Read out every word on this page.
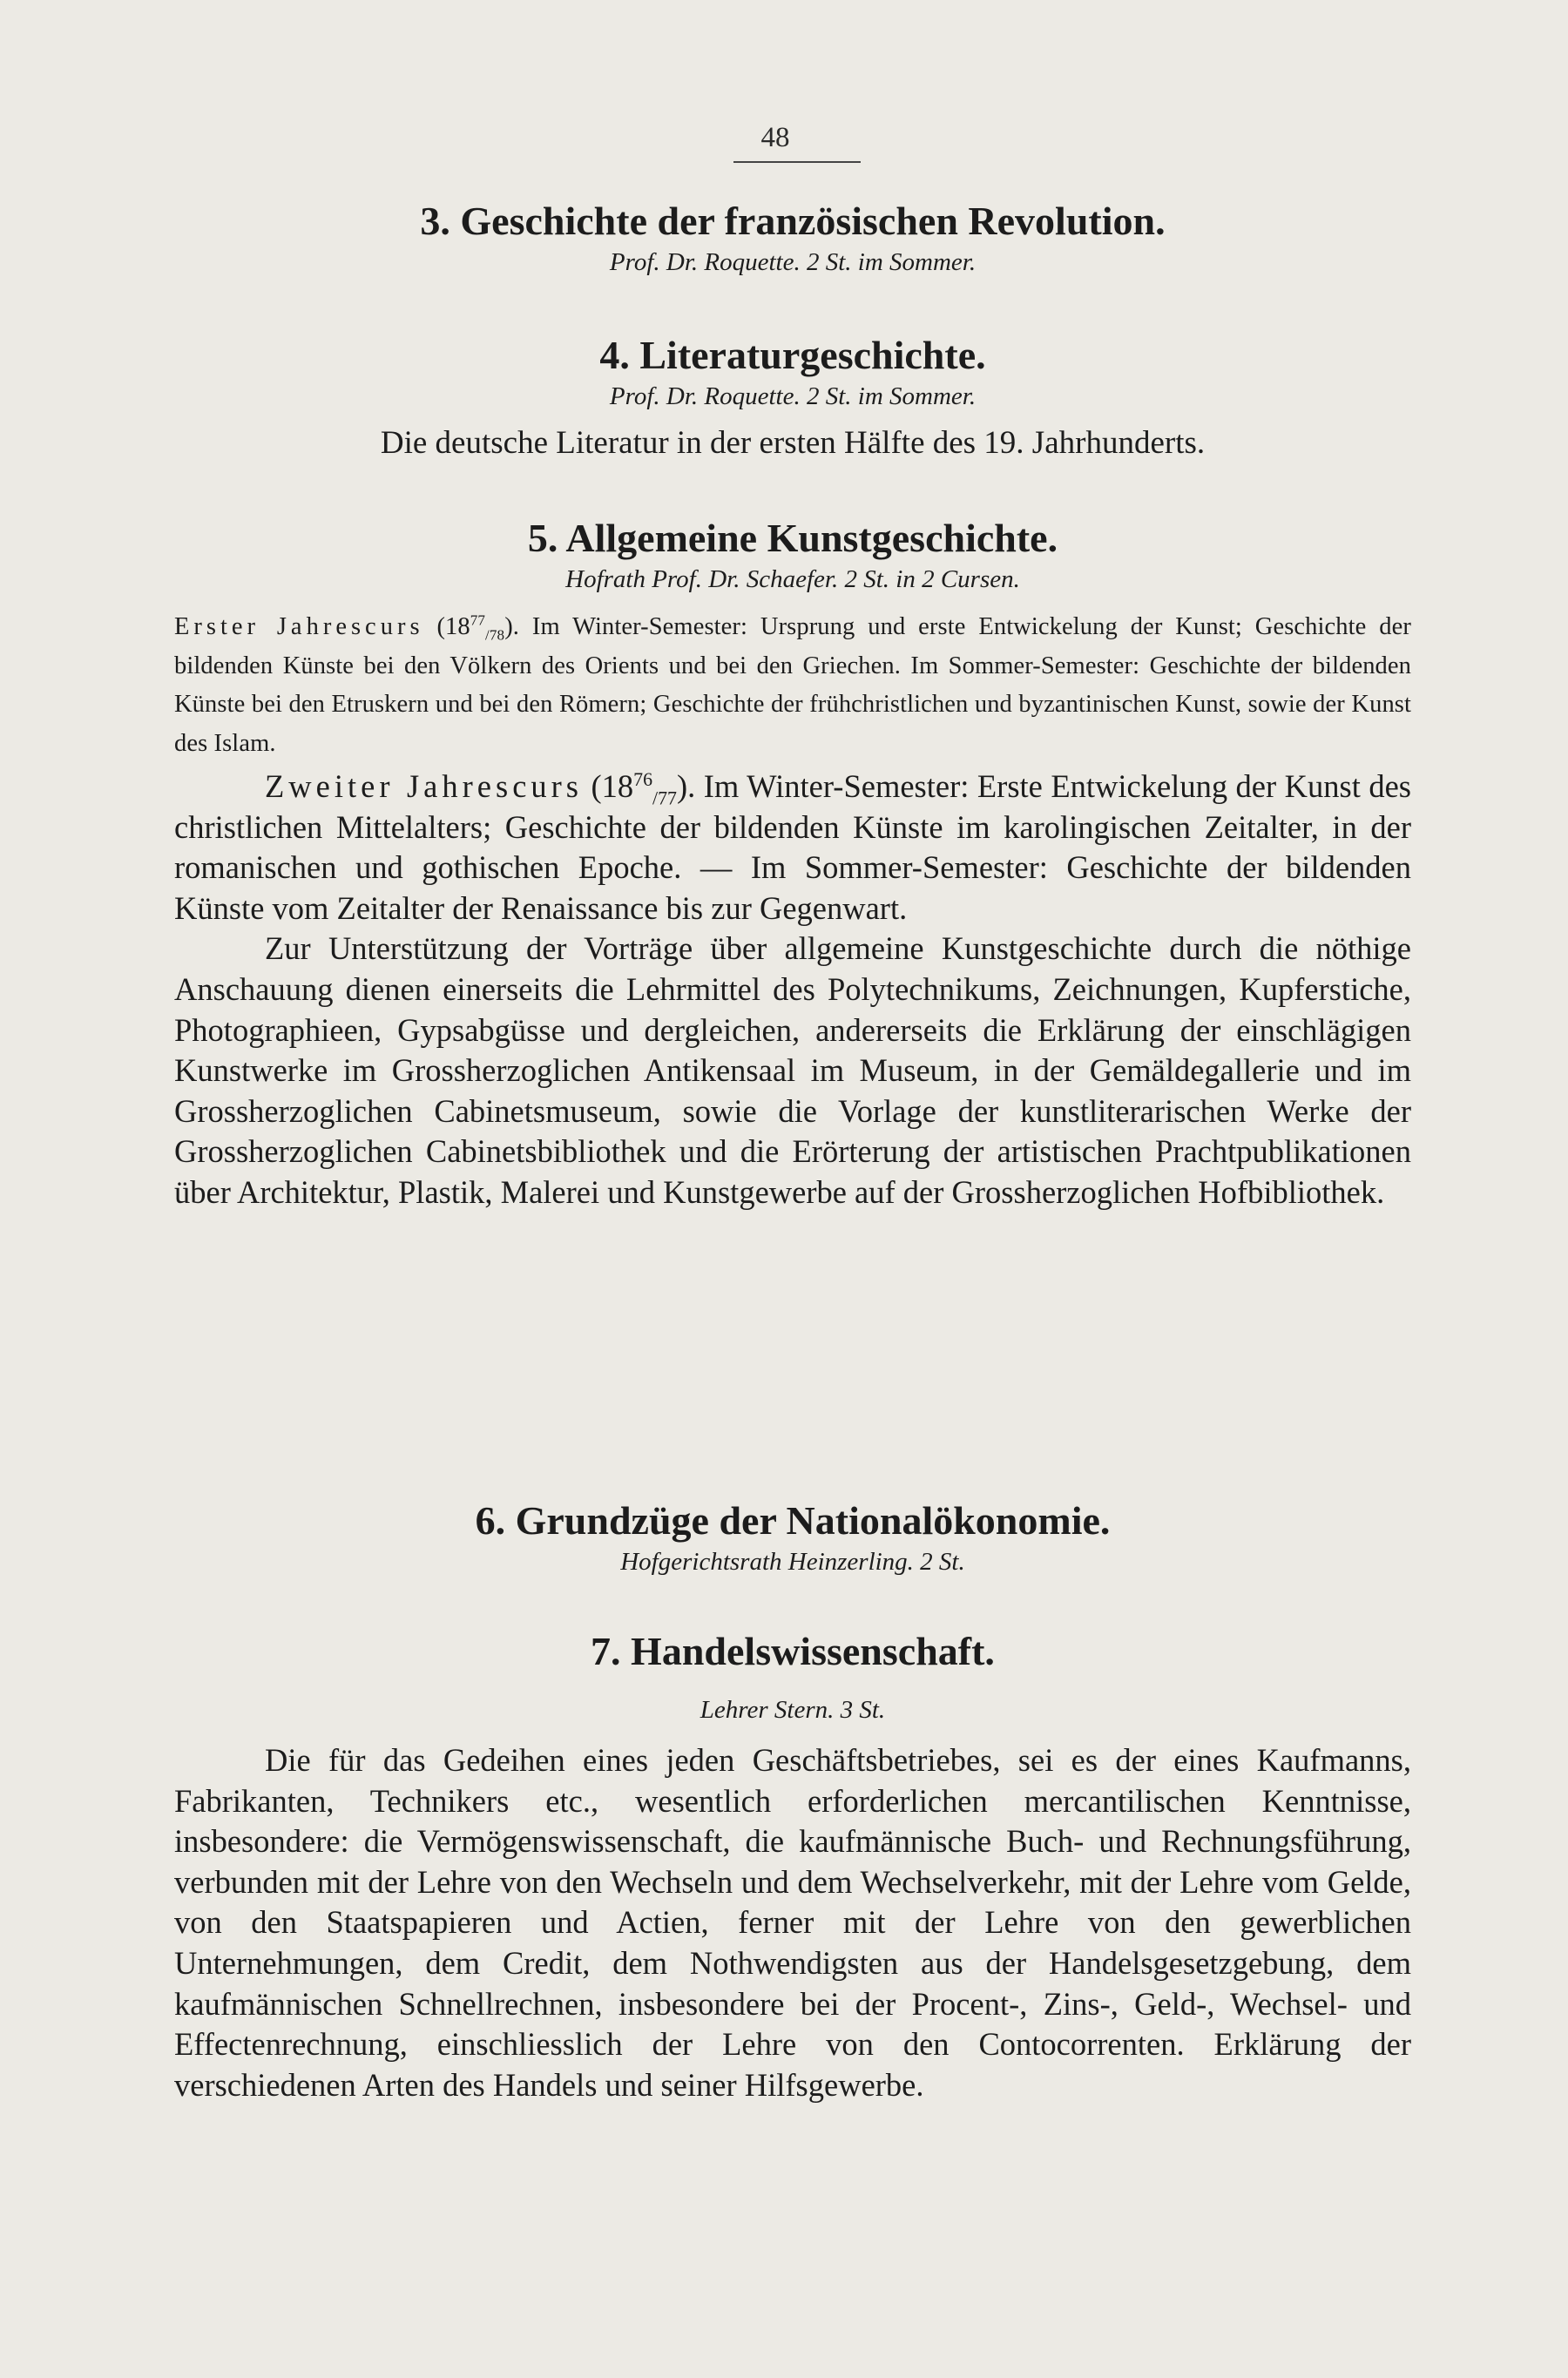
48
3. Geschichte der französischen Revolution.

Prof. Dr. Roquette. 2 St. im Sommer.

4. Literaturgeschichte.

Prof. Dr. Roquette. 2 St. im Sommer.

Die deutsche Literatur in der ersten Hälfte des 19. Jahrhunderts.

5. Allgemeine Kunstgeschichte.

Hofrath Prof. Dr. Schaefer. 2 St. in 2 Cursen.

Erster Jahrescurs $(18^{77}_{/78})$. Im Winter-Semester: Ursprung und erste Entwickelung der Kunst; Geschichte der bildenden Künste bei den Völkern des Orients und bei den Griechen. Im Sommer-Semester: Geschichte der bildenden Künste bei den Etruskern und bei den Römern; Geschichte der frühchristlichen und byzantinischen Kunst, sowie der Kunst des Islam.

Zweiter Jahrescurs $(18^{76}_{/77})$. Im Winter-Semester: Erste Entwickelung der Kunst des christlichen Mittelalters; Geschichte der bildenden Künste im karolingischen Zeitalter, in der romanischen und gothischen Epoche. — Im Sommer-Semester: Geschichte der bildenden Künste vom Zeitalter der Renaissance bis zur Gegenwart.

Zur Unterstützung der Vorträge über allgemeine Kunstgeschichte durch die nöthige Anschauung dienen einerseits die Lehrmittel des Polytechnikums, Zeichnungen, Kupferstiche, Photographieen, Gypsabgüsse und dergleichen, andererseits die Erklärung der einschlägigen Kunstwerke im Grossherzoglichen Antikensaal im Museum, in der Gemäldegallerie und im Grossherzoglichen Cabinetsmuseum, sowie die Vorlage der kunstliterarischen Werke der Grossherzoglichen Cabinetsbibliothek und die Erörterung der artistischen Prachtpublikationen über Architektur, Plastik, Malerei und Kunstgewerbe auf der Grossherzoglichen Hofbibliothek.

6. Grundzüge der Nationalökonomie.

Hofgerichtsrath Heinzerling. 2 St.

7. Handelswissenschaft.

Lehrer Stern. 3 St.

Die für das Gedeihen eines jeden Geschäftsbetriebes, sei es der eines Kaufmanns, Fabrikanten, Technikers etc., wesentlich erforderlichen mercantilischen Kenntnisse, insbesondere: die Vermögenswissenschaft, die kaufmännische Buch- und Rechnungsführung, verbunden mit der Lehre von den Wechseln und dem Wechselverkehr, mit der Lehre vom Gelde, von den Staatspapieren und Actien, ferner mit der Lehre von den gewerblichen Unternehmungen, dem Credit, dem Nothwendigsten aus der Handelsgesetzgebung, dem kaufmännischen Schnellrechnen, insbesondere bei der Procent-, Zins-, Geld-, Wechsel- und Effectenrechnung, einschliesslich der Lehre von den Contocorrenten. Erklärung der verschiedenen Arten des Handels und seiner Hilfsgewerbe.
